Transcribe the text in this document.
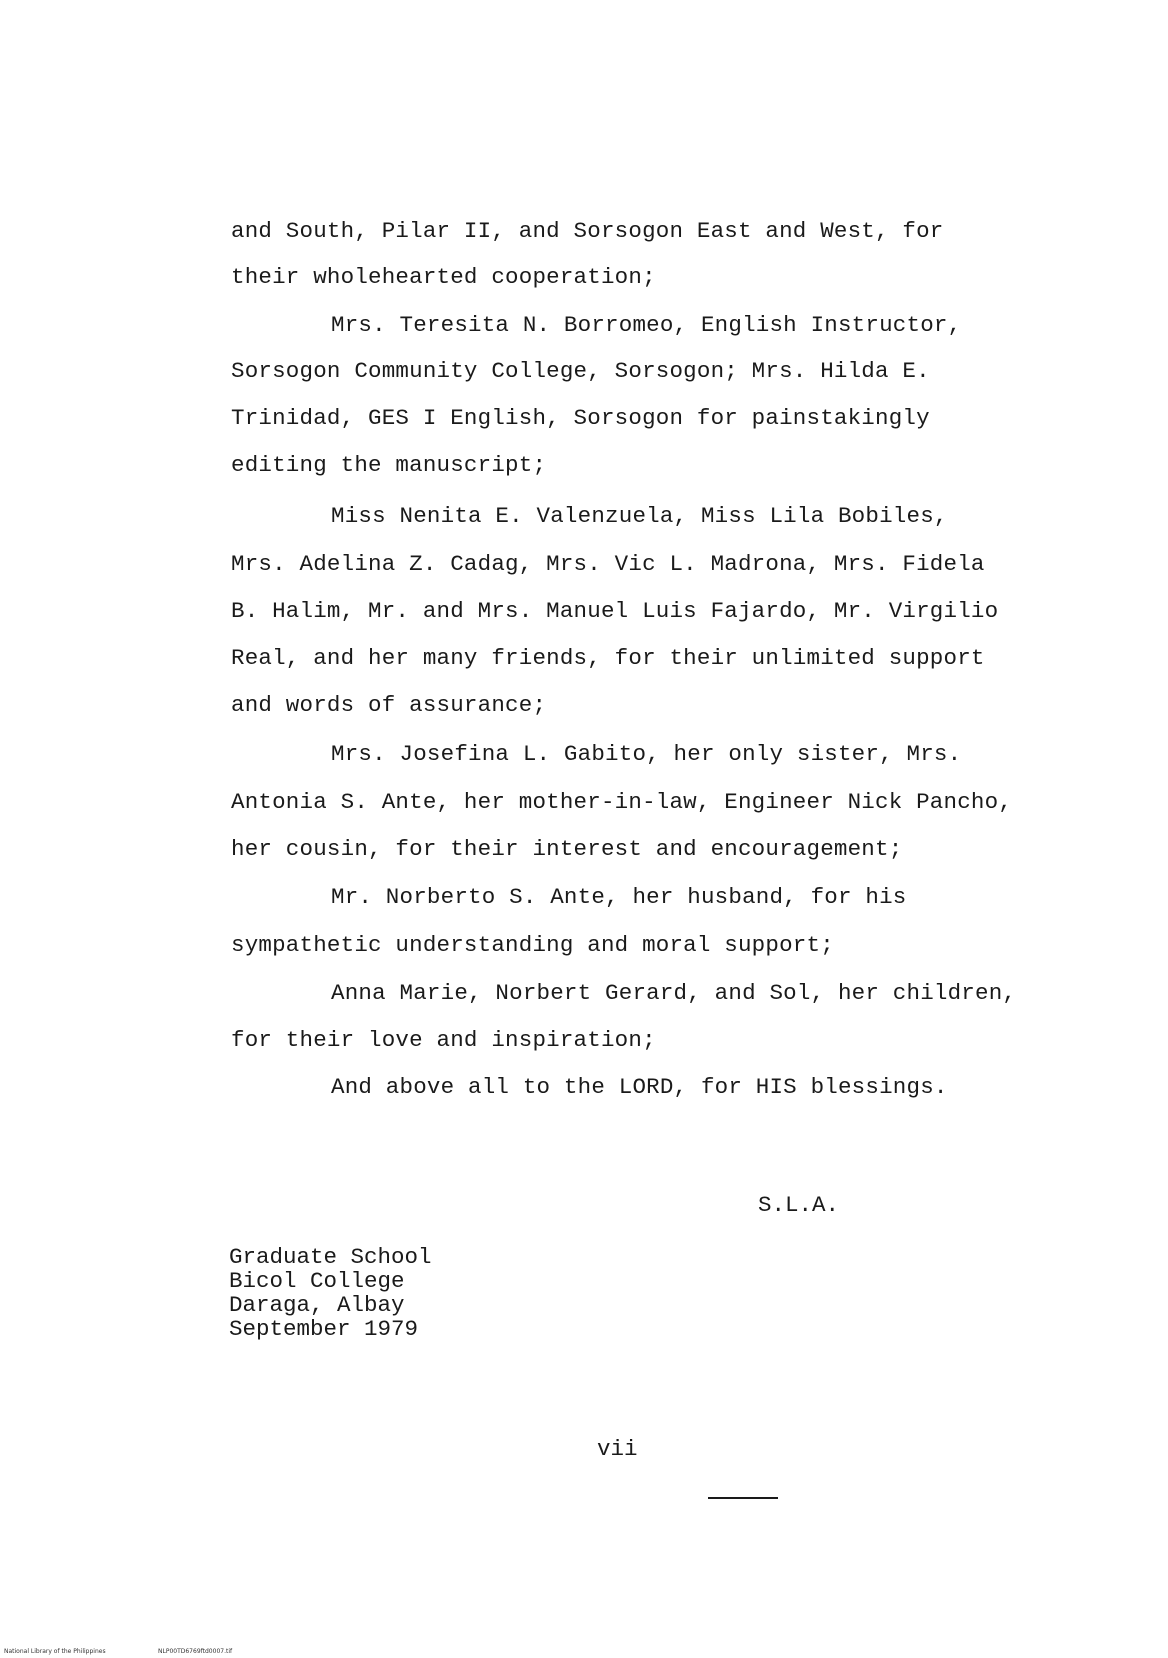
and South, Pilar II, and Sorsogon East and West, for
their wholehearted cooperation;
Mrs. Teresita N. Borromeo, English Instructor,
Sorsogon Community College, Sorsogon; Mrs. Hilda E.
Trinidad, GES I English, Sorsogon for painstakingly
editing the manuscript;
Miss Nenita E. Valenzuela, Miss Lila Bobiles,
Mrs. Adelina Z. Cadag, Mrs. Vic L. Madrona, Mrs. Fidela
B. Halim, Mr. and Mrs. Manuel Luis Fajardo, Mr. Virgilio
Real, and her many friends, for their unlimited support
and words of assurance;
Mrs. Josefina L. Gabito, her only sister, Mrs.
Antonia S. Ante, her mother-in-law, Engineer Nick Pancho,
her cousin, for their interest and encouragement;
Mr. Norberto S. Ante, her husband, for his
sympathetic understanding and moral support;
Anna Marie, Norbert Gerard, and Sol, her children,
for their love and inspiration;
And above all to the LORD, for HIS blessings.
S.L.A.
Graduate School
Bicol College
Daraga, Albay
September 1979
vii
National Library of the Philippines	NLP00TD6769ftd0007.tif
